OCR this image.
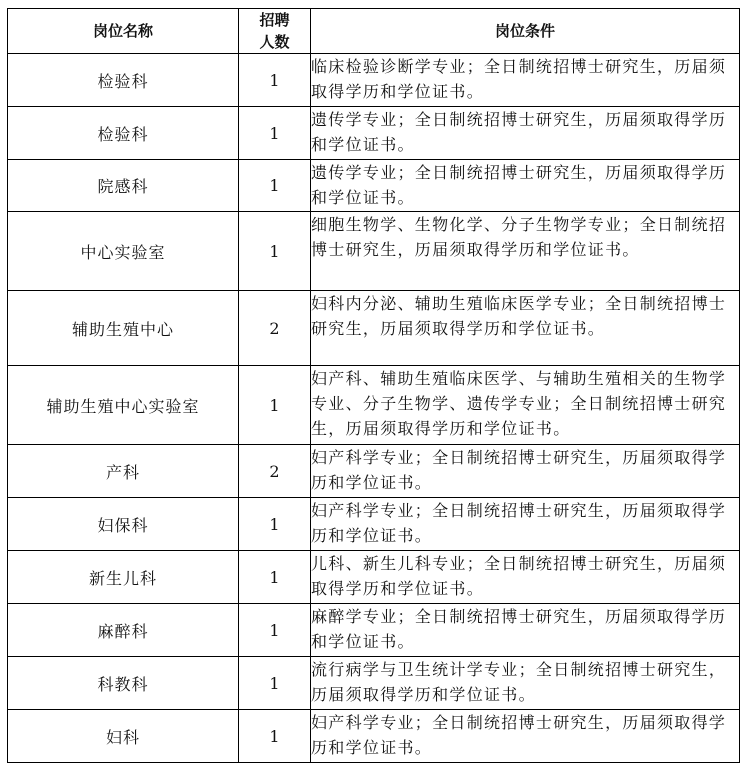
岗位名称	招聘人数	岗位条件
检验科	1	临床检验诊断学专业；全日制统招博士研究生，历届须取得学历和学位证书。
检验科	1	遗传学专业；全日制统招博士研究生，历届须取得学历和学位证书。
院感科	1	遗传学专业；全日制统招博士研究生，历届须取得学历和学位证书。
中心实验室	1	细胞生物学、生物化学、分子生物学专业；全日制统招博士研究生，历届须取得学历和学位证书。
辅助生殖中心	2	妇科内分泌、辅助生殖临床医学专业；全日制统招博士研究生，历届须取得学历和学位证书。
辅助生殖中心实验室	1	妇产科、辅助生殖临床医学、与辅助生殖相关的生物学专业、分子生物学、遗传学专业；全日制统招博士研究生，历届须取得学历和学位证书。
产科	2	妇产科学专业；全日制统招博士研究生，历届须取得学历和学位证书。
妇保科	1	妇产科学专业；全日制统招博士研究生，历届须取得学历和学位证书。
新生儿科	1	儿科、新生儿科专业；全日制统招博士研究生，历届须取得学历和学位证书。
麻醉科	1	麻醉学专业；全日制统招博士研究生，历届须取得学历和学位证书。
科教科	1	流行病学与卫生统计学专业；全日制统招博士研究生，历届须取得学历和学位证书。
妇科	1	妇产科学专业；全日制统招博士研究生，历届须取得学历和学位证书。
